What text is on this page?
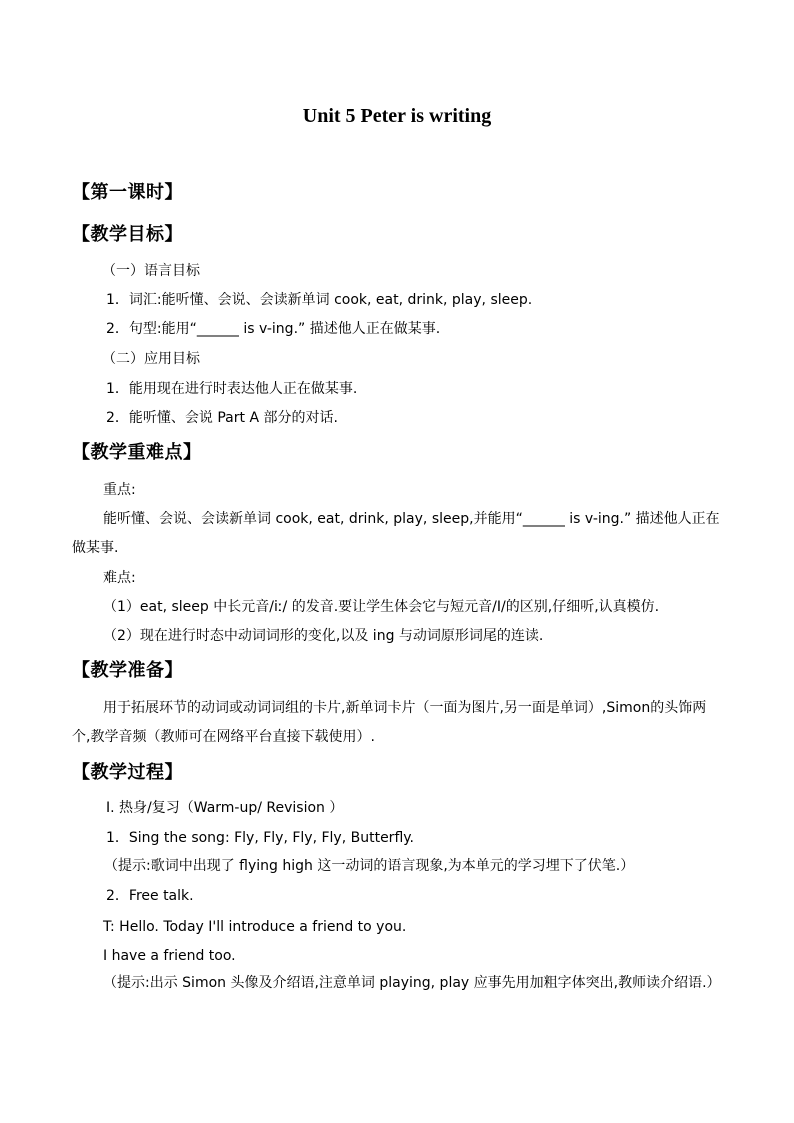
Unit 5 Peter is writing
【第一课时】
【教学目标】
（一）语言目标
1．词汇:能听懂、会说、会读新单词 cook, eat, drink, play, sleep.
2．句型:能用“______ is v-ing.” 描述他人正在做某事.
（二）应用目标
1．能用现在进行时表达他人正在做某事.
2．能听懂、会说 Part A 部分的对话.
【教学重难点】
重点:
能听懂、会说、会读新单词 cook, eat, drink, play, sleep,并能用“______ is v-ing.” 描述他人正在做某事.
难点:
（1）eat, sleep 中长元音/iː/ 的发音.要让学生体会它与短元音/I/的区别,仔细听,认真模仿.
（2）现在进行时态中动词词形的变化,以及 ing 与动词原形词尾的连读.
【教学准备】
用于拓展环节的动词或动词词组的卡片,新单词卡片（一面为图片,另一面是单词）,Simon的头饰两个,教学音频（教师可在网络平台直接下载使用）.
【教学过程】
I. 热身/复习（Warm-up/ Revision ）
1．Sing the song: Fly, Fly, Fly, Fly, Butterfly.
（提示:歌词中出现了 flying high 这一动词的语言现象,为本单元的学习埋下了伏笔.）
2．Free talk.
T: Hello. Today I'll introduce a friend to you.
I have a friend too.
（提示:出示 Simon 头像及介绍语,注意单词 playing, play 应事先用加粗字体突出,教师读介绍语.）
